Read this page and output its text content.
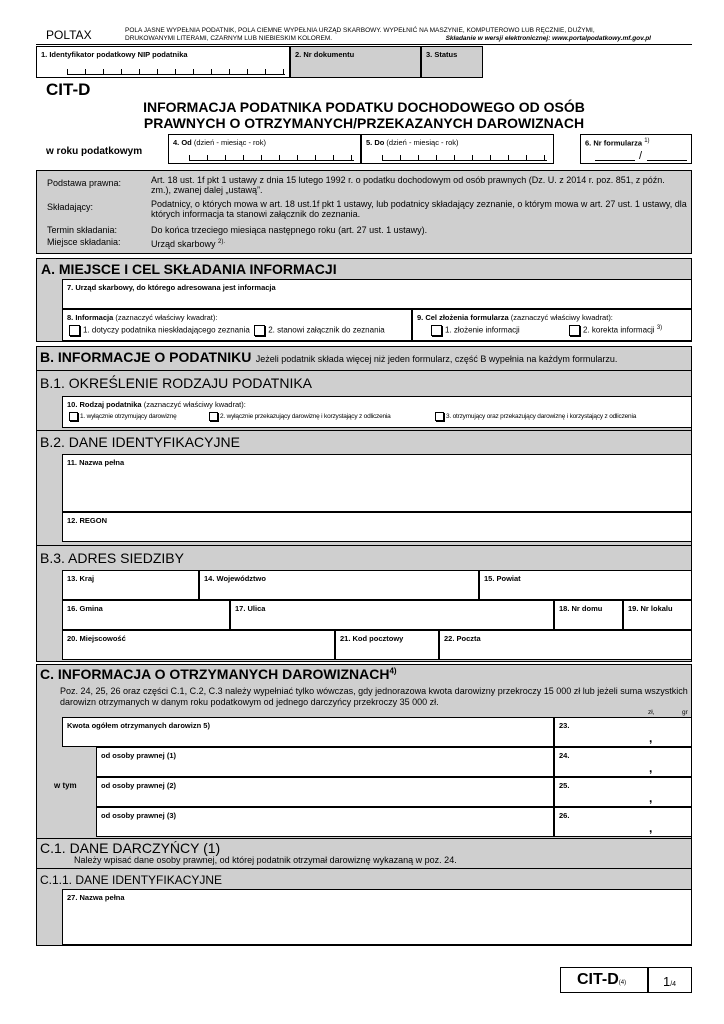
POLTAX	POLA JASNE WYPEŁNIA PODATNIK, POLA CIEMNE WYPEŁNIA URZĄD SKARBOWY. WYPEŁNIĆ NA MASZYNIE, KOMPUTEROWO LUB RĘCZNIE, DUŻYMI,
DRUKOWANYMI LITERAMI, CZARNYM LUB NIEBIESKIM KOLOREM.	Składanie w wersji elektronicznej: www.portalpodatkowy.mf.gov.pl
1. Identyfikator podatkowy NIP podatnika	2. Nr dokumentu	3. Status
CIT-D
INFORMACJA PODATNIKA PODATKU DOCHODOWEGO OD OSÓB
PRAWNYCH O OTRZYMANYCH/PRZEKAZANYCH DAROWIZNACH
w roku podatkowym
4. Od (dzień - miesiąc - rok)	5. Do (dzień - miesiąc - rok)	6. Nr formularza $^{1)}$
/
Podstawa prawna:	Art. 18 ust. 1f pkt 1 ustawy z dnia 15 lutego 1992 r. o podatku dochodowym od osób prawnych (Dz. U. z 2014 r. poz. 851, z późn. zm.), zwanej dalej „ustawą”.
Składający:	Podatnicy, o których mowa w art. 18 ust.1f pkt 1 ustawy, lub podatnicy składający zeznanie, o którym mowa w art. 27 ust. 1 ustawy, dla których informacja ta stanowi załącznik do zeznania.
Termin składania:	Do końca trzeciego miesiąca następnego roku (art. 27 ust. 1 ustawy).
Miejsce składania:	Urząd skarbowy $^{2).}$
A. MIEJSCE I CEL SKŁADANIA INFORMACJI
7. Urząd skarbowy, do którego adresowana jest informacja
8. Informacja (zaznaczyć właściwy kwadrat):
1. dotyczy podatnika nieskładającego zeznania 2. stanowi załącznik do zeznania
9. Cel złożenia formularza (zaznaczyć właściwy kwadrat):
1. złożenie informacji	2. korekta informacji $^{3)}$
B. INFORMACJE O PODATNIKU Jeżeli podatnik składa więcej niż jeden formularz, część B wypełnia na każdym formularzu.
B.1. OKREŚLENIE RODZAJU PODATNIKA
10. Rodzaj podatnika (zaznaczyć właściwy kwadrat):
1. wyłącznie otrzymujący darowiznę	2. wyłącznie przekazujący darowiznę i korzystający z odliczenia	3. otrzymujący oraz przekazujący darowiznę i korzystający z odliczenia
B.2. DANE IDENTYFIKACYJNE
11. Nazwa pełna
12. REGON
B.3. ADRES SIEDZIBY
13. Kraj	14. Województwo	15. Powiat
16. Gmina	17. Ulica	18. Nr domu	19. Nr lokalu
20. Miejscowość	21. Kod pocztowy	22. Poczta
C. INFORMACJA O OTRZYMANYCH DAROWIZNACH$^{4)}$
Poz. 24, 25, 26 oraz części C.1, C.2, C.3 należy wypełniać tylko wówczas, gdy jednorazowa kwota darowizny przekroczy 15 000 zł lub jeżeli suma wszystkich darowizn otrzymanych w danym roku podatkowym od jednego darczyńcy przekroczy 35 000 zł.
zł,	gr
Kwota ogółem otrzymanych darowizn 5)	23.
,
w tym
od osoby prawnej (1)	24.
,
od osoby prawnej (2)	25.
,
od osoby prawnej (3)	26.
,
C.1. DANE DARCZYŃCY (1)
Należy wpisać dane osoby prawnej, od której podatnik otrzymał darowiznę wykazaną w poz. 24.
C.1.1. DANE IDENTYFIKACYJNE
27. Nazwa pełna
CIT-D(4)	1/4
